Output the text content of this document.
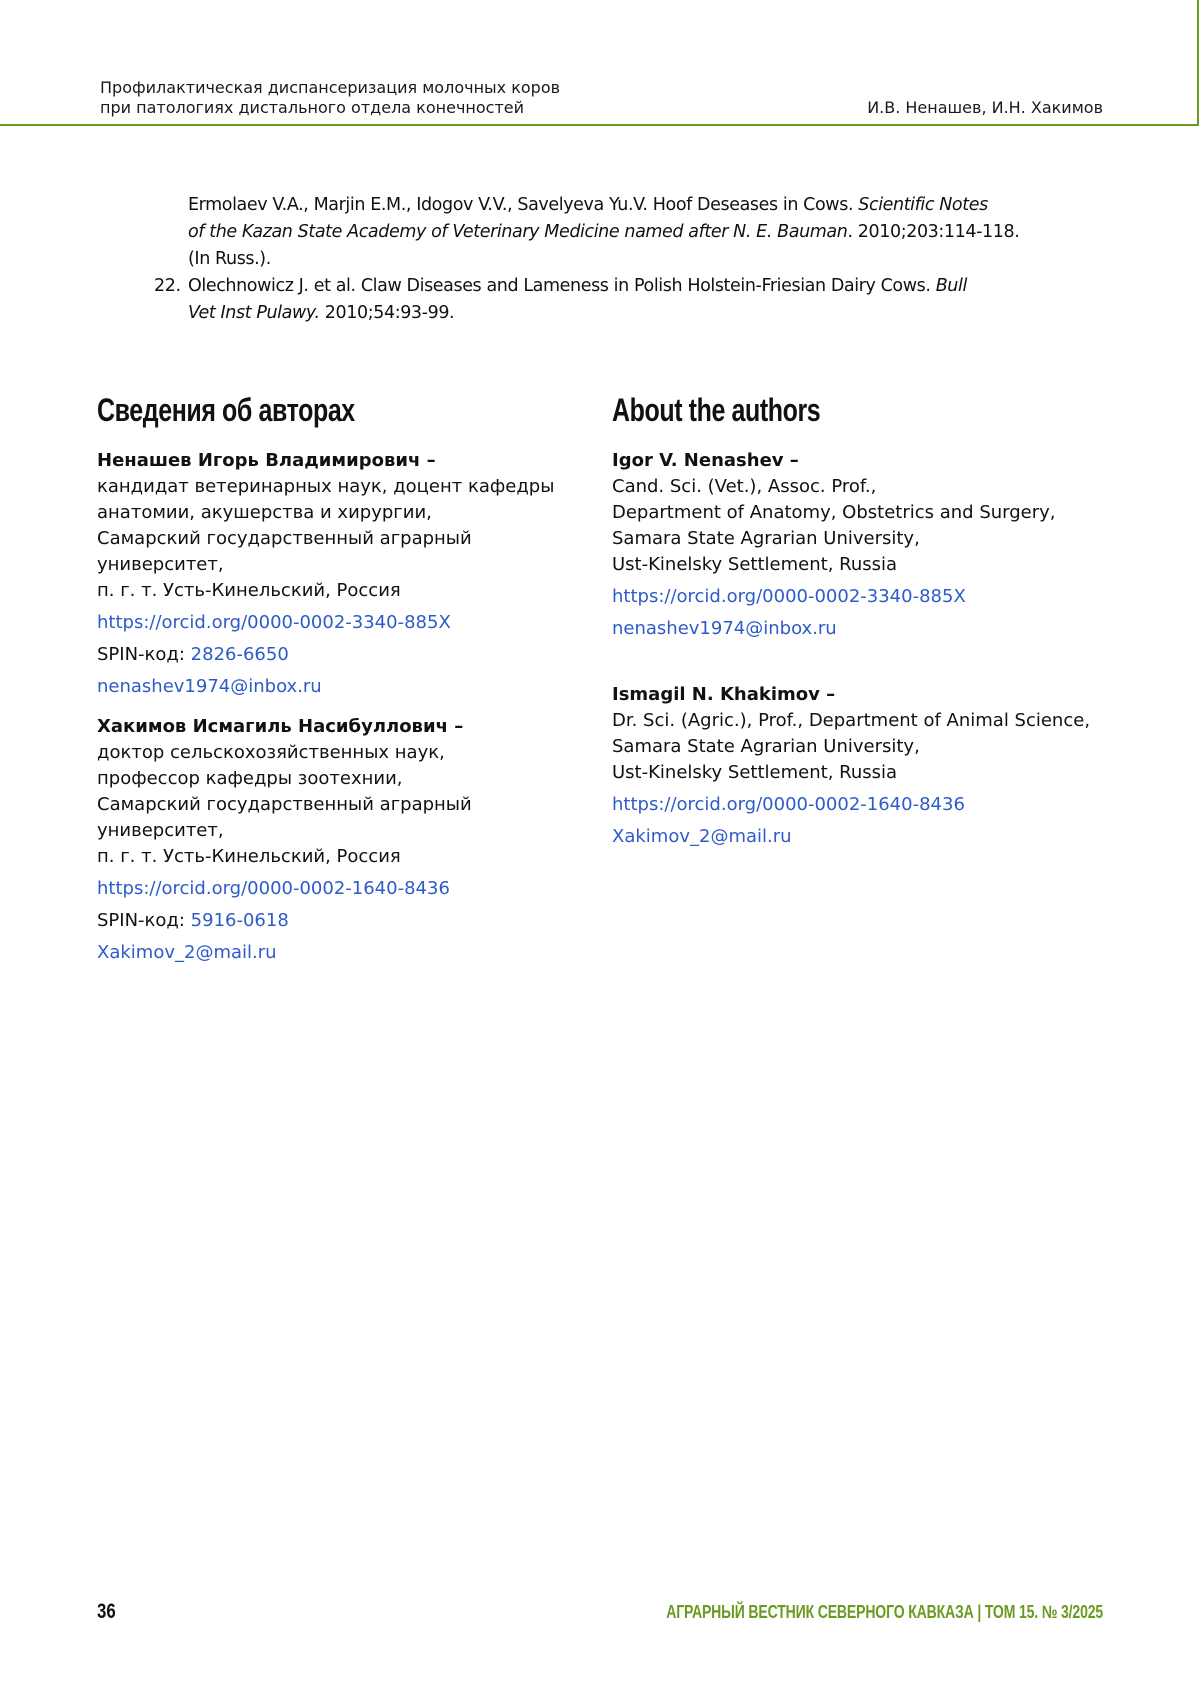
Профилактическая диспансеризация молочных коров
при патологиях дистального отдела конечностей	И.В. Ненашев, И.Н. Хакимов
Ermolaev V.A., Marjin E.M., Idogov V.V., Savelyeva Yu.V. Hoof Deseases in Cows. Scientific Notes
of the Kazan State Academy of Veterinary Medicine named after N. E. Bauman. 2010;203:114-118.
(In Russ.).
22. Olechnowicz J. et al. Claw Diseases and Lameness in Polish Holstein-Friesian Dairy Cows. Bull
Vet Inst Pulawy. 2010;54:93-99.
Сведения об авторах
Ненашев Игорь Владимирович –
кандидат ветеринарных наук, доцент кафедры
анатомии, акушерства и хирургии,
Самарский государственный аграрный университет,
п. г. т. Усть-Кинельский, Россия
https://orcid.org/0000-0002-3340-885X
SPIN-код: 2826-6650
nenashev1974@inbox.ru
Хакимов Исмагиль Насибуллович –
доктор сельскохозяйственных наук,
профессор кафедры зоотехнии,
Самарский государственный аграрный университет,
п. г. т. Усть-Кинельский, Россия
https://orcid.org/0000-0002-1640-8436
SPIN-код: 5916-0618
Xakimov_2@mail.ru
About the authors
Igor V. Nenashev –
Cand. Sci. (Vet.), Assoc. Prof.,
Department of Anatomy, Obstetrics and Surgery,
Samara State Agrarian University,
Ust-Kinelsky Settlement, Russia
https://orcid.org/0000-0002-3340-885X
nenashev1974@inbox.ru
Ismagil N. Khakimov –
Dr. Sci. (Agric.), Prof., Department of Animal Science,
Samara State Agrarian University,
Ust-Kinelsky Settlement, Russia
https://orcid.org/0000-0002-1640-8436
Xakimov_2@mail.ru
36	АГРАРНЫЙ ВЕСТНИК СЕВЕРНОГО КАВКАЗА | ТОМ 15. № 3/2025
